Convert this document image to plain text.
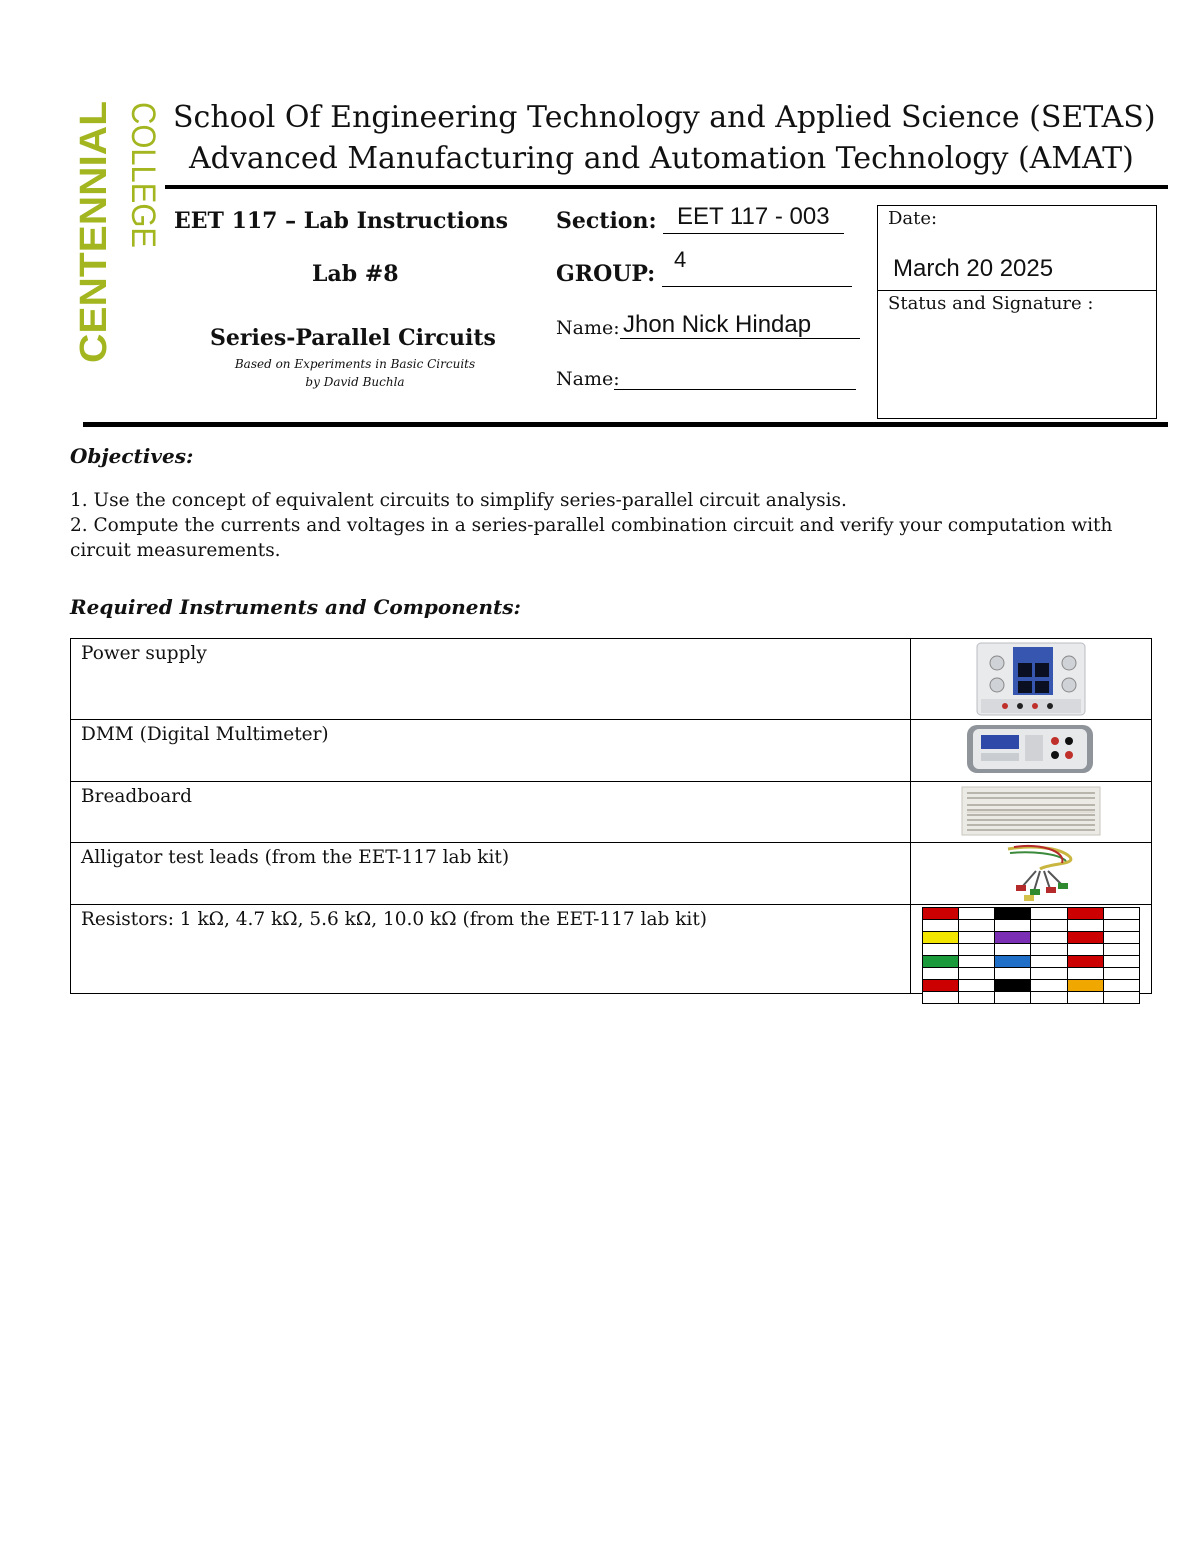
CENTENNIAL COLLEGE School Of Engineering Technology and Applied Science (SETAS)
Advanced Manufacturing and Automation Technology (AMAT)
EET 117 – Lab Instructions
Lab #8
Series-Parallel Circuits
Based on Experiments in Basic Circuits
by David Buchla
Section: EET 117 - 003
GROUP:
4
Name: Jhon Nick Hindap
Name:
Date:
March 20 2025
Status and Signature :
Objectives:
1. Use the concept of equivalent circuits to simplify series-parallel circuit analysis.
2. Compute the currents and voltages in a series-parallel combination circuit and verify your computation with
circuit measurements.
Required Instruments and Components:
Power supply	
DMM (Digital Multimeter)	
Breadboard	
Alligator test leads (from the EET-117 lab kit)	
Resistors: 1 kΩ, 4.7 kΩ, 5.6 kΩ, 10.0 kΩ (from the EET-117 lab kit)	
